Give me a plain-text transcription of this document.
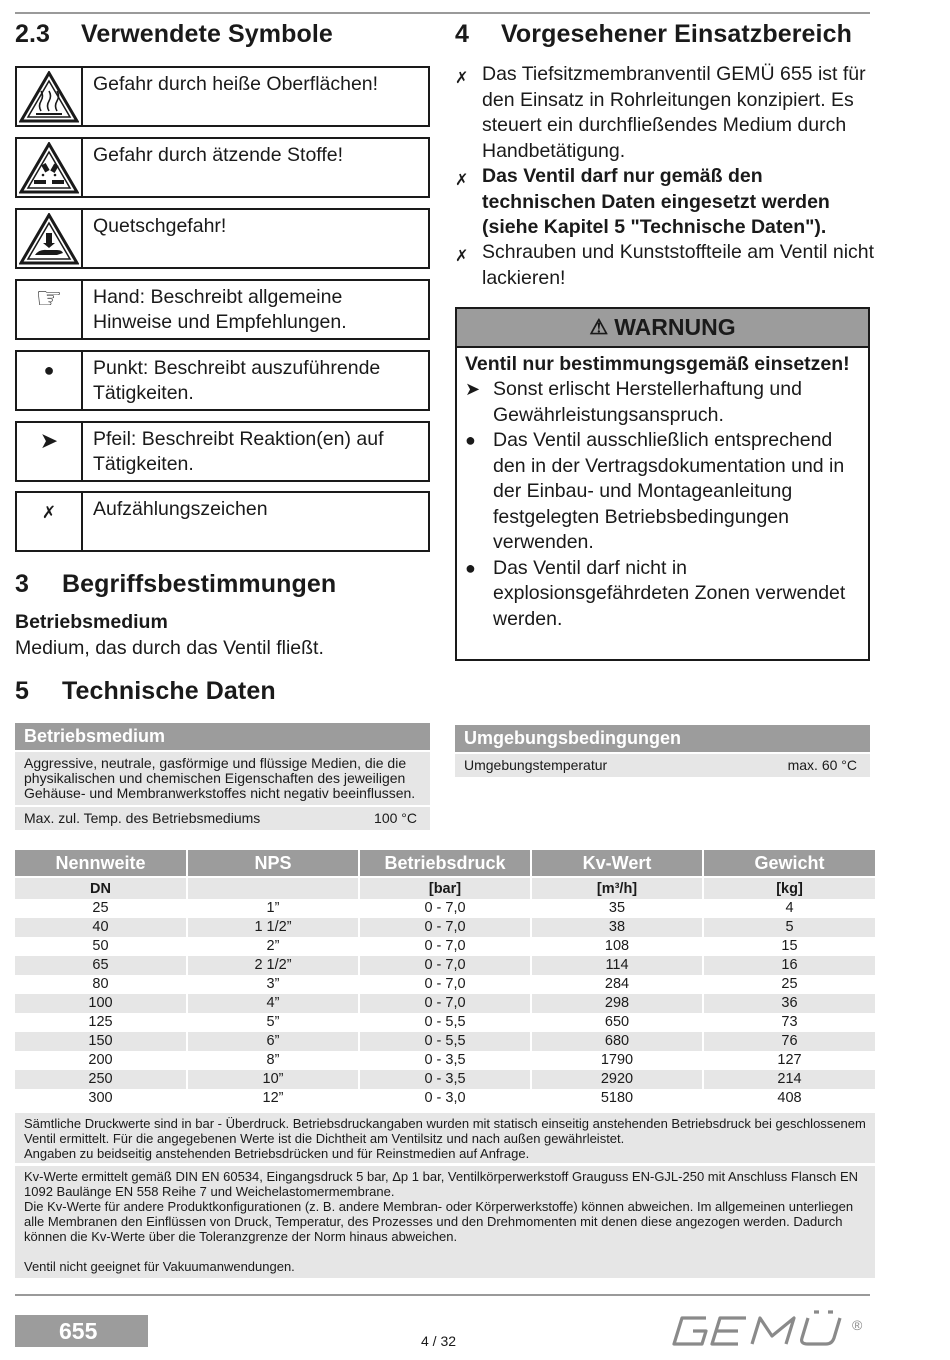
2.3 Verwendete Symbole
Gefahr durch heiße Oberflächen!
Gefahr durch ätzende Stoffe!
Quetschgefahr!
☞ Hand: Beschreibt allgemeine Hinweise und Empfehlungen.
● Punkt: Beschreibt auszuführende Tätigkeiten.
➤ Pfeil: Beschreibt Reaktion(en) auf Tätigkeiten.
✗ Aufzählungszeichen
3 Begriffsbestimmungen
Betriebsmedium
Medium, das durch das Ventil fließt.
4 Vorgesehener Einsatzbereich
✗ Das Tiefsitzmembranventil GEMÜ 655 ist für den Einsatz in Rohrleitungen konzipiert. Es steuert ein durchfließendes Medium durch Handbetätigung.
✗ Das Ventil darf nur gemäß den technischen Daten eingesetzt werden (siehe Kapitel 5 "Technische Daten").
✗ Schrauben und Kunststoffteile am Ventil nicht lackieren!
⚠ WARNUNG
Ventil nur bestimmungsgemäß einsetzen!
➤ Sonst erlischt Herstellerhaftung und Gewährleistungsanspruch.
● Das Ventil ausschließlich entsprechend den in der Vertragsdokumentation und in der Einbau- und Montageanleitung festgelegten Betriebsbedingungen verwenden.
● Das Ventil darf nicht in explosionsgefährdeten Zonen verwendet werden.
5 Technische Daten
Betriebsmedium
Aggressive, neutrale, gasförmige und flüssige Medien, die die physikalischen und chemischen Eigenschaften des jeweiligen Gehäuse- und Membranwerkstoffes nicht negativ beeinflussen.
Max. zul. Temp. des Betriebsmediums	100 °C
Umgebungsbedingungen
Umgebungstemperatur	max. 60 °C
Nennweite	NPS	Betriebsdruck	Kv-Wert	Gewicht
DN		[bar]	[m³/h]	[kg]
25	1”	0 - 7,0	35	4
40	1 1/2”	0 - 7,0	38	5
50	2”	0 - 7,0	108	15
65	2 1/2”	0 - 7,0	114	16
80	3”	0 - 7,0	284	25
100	4”	0 - 7,0	298	36
125	5”	0 - 5,5	650	73
150	6”	0 - 5,5	680	76
200	8”	0 - 3,5	1790	127
250	10”	0 - 3,5	2920	214
300	12”	0 - 3,0	5180	408

Sämtliche Druckwerte sind in bar - Überdruck. Betriebsdruckangaben wurden mit statisch einseitig anstehenden Betriebsdruck bei geschlossenem Ventil ermittelt. Für die angegebenen Werte ist die Dichtheit am Ventilsitz und nach außen gewährleistet.

Angaben zu beidseitig anstehenden Betriebsdrücken und für Reinstmedien auf Anfrage.

Kv-Werte ermittelt gemäß DIN EN 60534, Eingangsdruck 5 bar, Δp 1 bar, Ventilkörperwerkstoff Grauguss EN-GJL-250 mit Anschluss Flansch EN 1092 Baulänge EN 558 Reihe 7 und Weichelastomermembrane.

Die Kv-Werte für andere Produktkonfigurationen (z. B. andere Membran- oder Körperwerkstoffe) können abweichen. Im allgemeinen unterliegen alle Membranen den Einflüssen von Druck, Temperatur, des Prozesses und den Drehmomenten mit denen diese angezogen werden. Dadurch können die Kv-Werte über die Toleranzgrenze der Norm hinaus abweichen.

Ventil nicht geeignet für Vakuumanwendungen.

655	4 / 32
®
